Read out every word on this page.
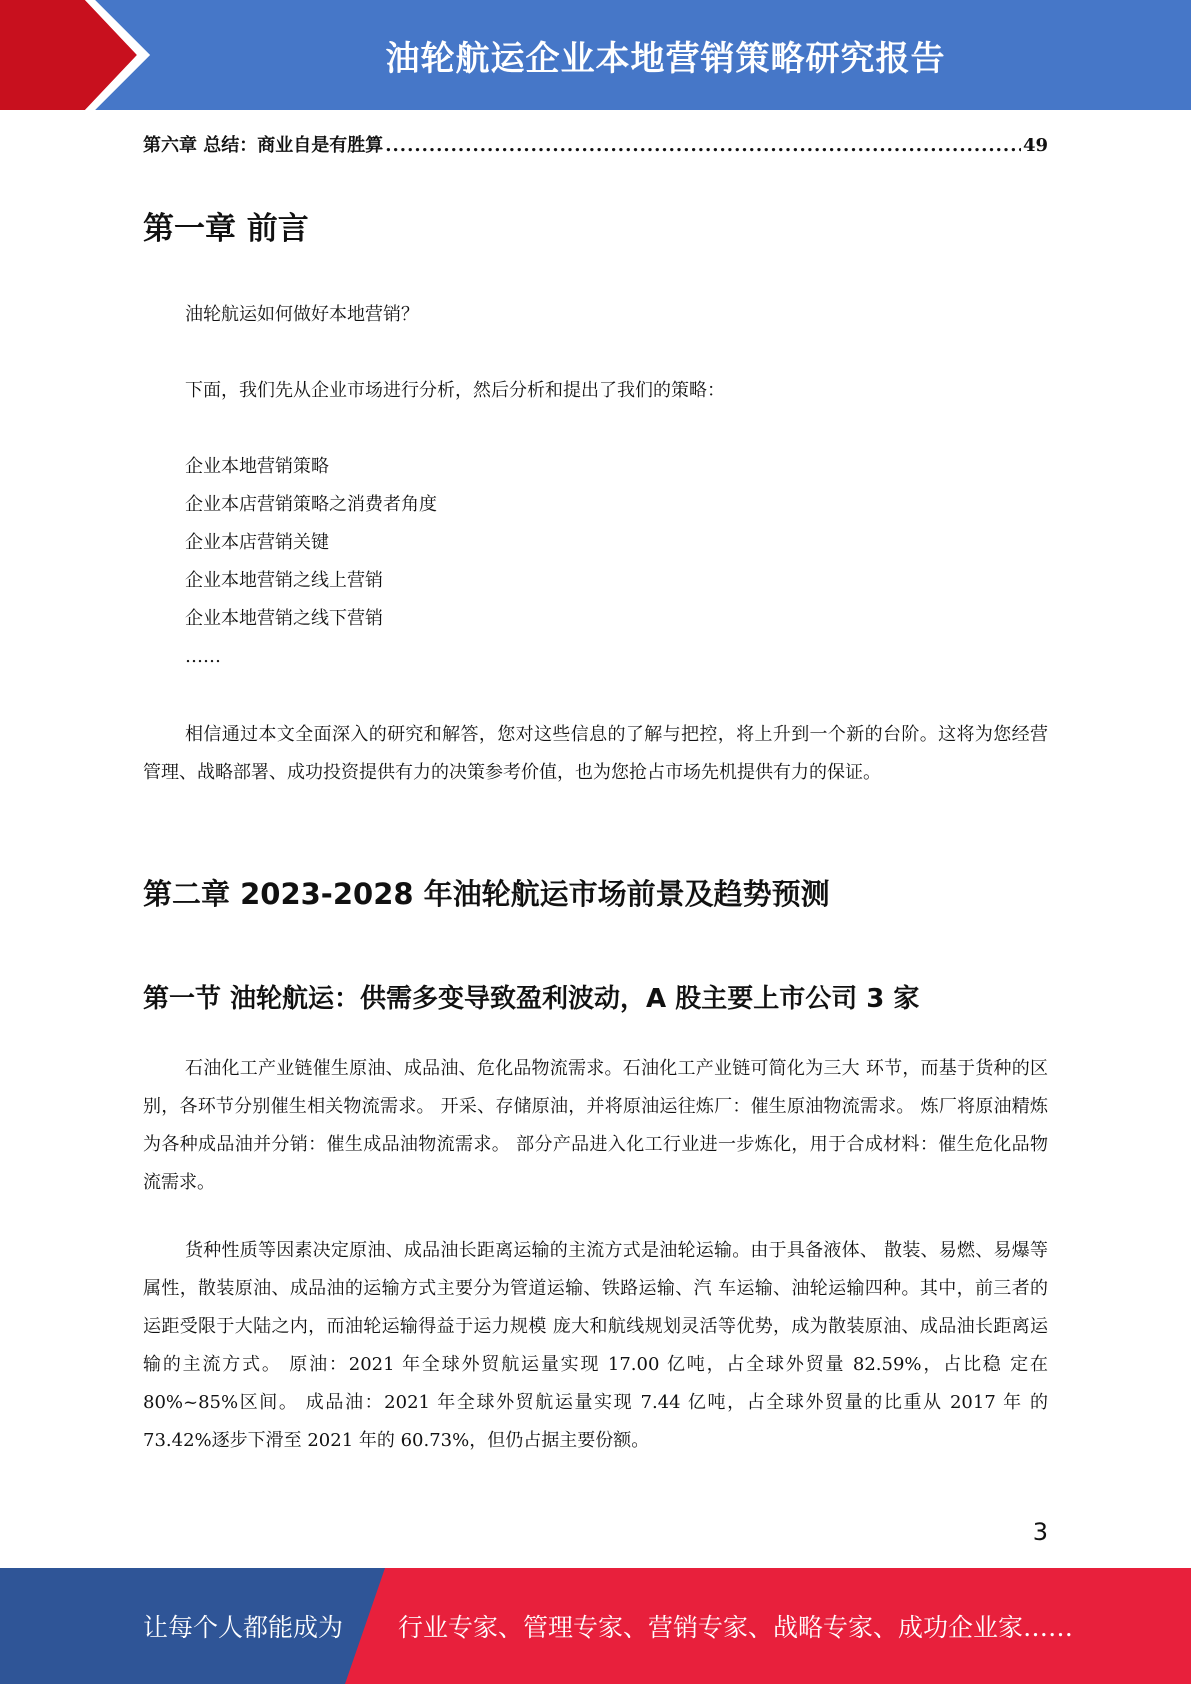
油轮航运企业本地营销策略研究报告
第六章 总结：商业自是有胜算
.....	49
第一章 前言

油轮航运如何做好本地营销？

下面，我们先从企业市场进行分析，然后分析和提出了我们的策略：

企业本地营销策略
企业本店营销策略之消费者角度
企业本店营销关键
企业本地营销之线上营销
企业本地营销之线下营销
……

相信通过本文全面深入的研究和解答，您对这些信息的了解与把控，将上升到一个新的台阶。这将为您经营管理、战略部署、成功投资提供有力的决策参考价值，也为您抢占市场先机提供有力的保证。

第二章 2023-2028 年油轮航运市场前景及趋势预测
第一节 油轮航运：供需多变导致盈利波动，A 股主要上市公司 3 家

石油化工产业链催生原油、成品油、危化品物流需求。石油化工产业链可简化为三大 环节，而基于货种的区别，各环节分别催生相关物流需求。 开采、存储原油，并将原油运往炼厂：催生原油物流需求。 炼厂将原油精炼为各种成品油并分销：催生成品油物流需求。 部分产品进入化工行业进一步炼化，用于合成材料：催生危化品物流需求。

货种性质等因素决定原油、成品油长距离运输的主流方式是油轮运输。由于具备液体、 散装、易燃、易爆等属性，散装原油、成品油的运输方式主要分为管道运输、铁路运输、汽 车运输、油轮运输四种。其中，前三者的运距受限于大陆之内，而油轮运输得益于运力规模 庞大和航线规划灵活等优势，成为散装原油、成品油长距离运输的主流方式。 原油：2021 年全球外贸航运量实现 17.00 亿吨，占全球外贸量 82.59%，占比稳 定在 80%~85%区间。 成品油：2021 年全球外贸航运量实现 7.44 亿吨，占全球外贸量的比重从 2017 年 的 73.42%逐步下滑至 2021 年的 60.73%，但仍占据主要份额。

3
让每个人都能成为 行业专家、管理专家、营销专家、战略专家、成功企业家……
